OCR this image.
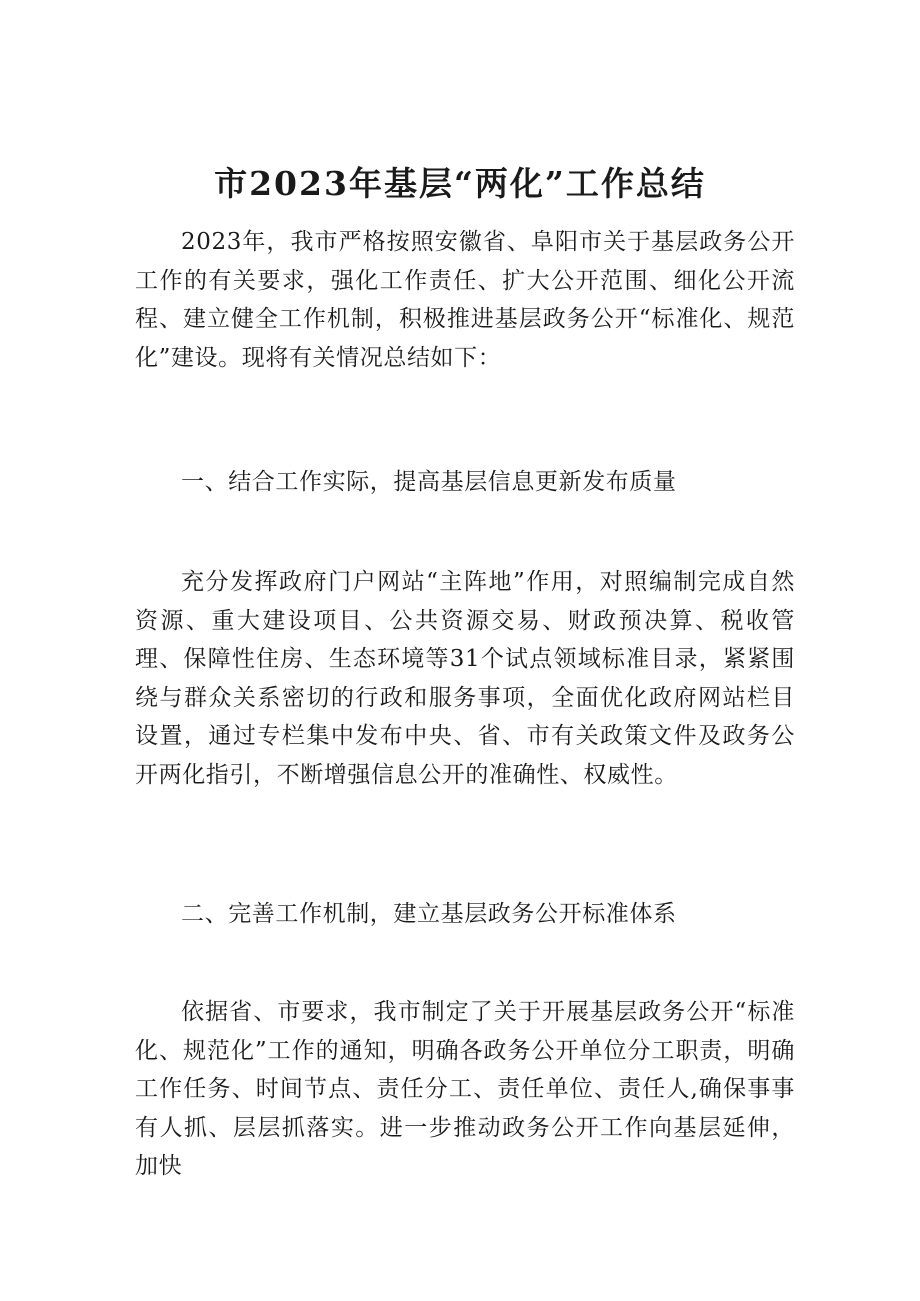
市2023年基层“两化”工作总结

2023年，我市严格按照安徽省、阜阳市关于基层政务公开工作的有关要求，强化工作责任、扩大公开范围、细化公开流程、建立健全工作机制，积极推进基层政务公开“标准化、规范化”建设。现将有关情况总结如下：

一、结合工作实际，提高基层信息更新发布质量

充分发挥政府门户网站“主阵地”作用，对照编制完成自然资源、重大建设项目、公共资源交易、财政预决算、税收管理、保障性住房、生态环境等31个试点领域标准目录，紧紧围绕与群众关系密切的行政和服务事项，全面优化政府网站栏目设置，通过专栏集中发布中央、省、市有关政策文件及政务公开两化指引，不断增强信息公开的准确性、权威性。

二、完善工作机制，建立基层政务公开标准体系

依据省、市要求，我市制定了关于开展基层政务公开“标准化、规范化”工作的通知，明确各政务公开单位分工职责，明确工作任务、时间节点、责任分工、责任单位、责任人,确保事事有人抓、层层抓落实。进一步推动政务公开工作向基层延伸，加快
